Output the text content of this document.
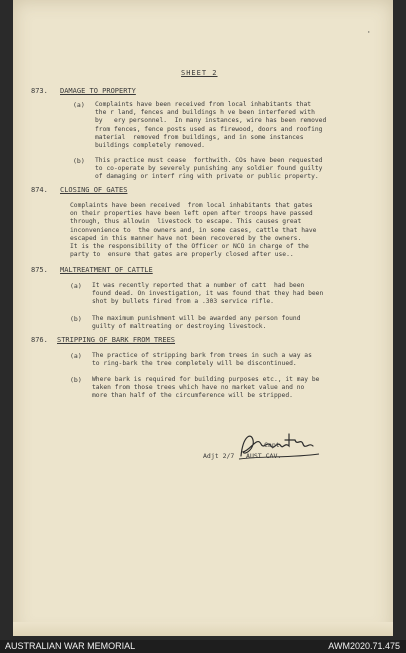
'
SHEET 2
873. DAMAGE TO PROPERTY
(a) Complaints have been received from local inhabitants that
the r land, fences and buildings h ve been interfered with
by   ery personnel.  In many instances, wire has been removed
from fences, fence posts used as firewood, doors and roofing
material  removed from buildings, and in some instances
buildings completely removed.
(b) This practice must cease  forthwith. COs have been requested
to co-operate by severely punishing any soldier found guilty
of damaging or interf ring with private or public property.
874. CLOSING OF GATES
Complaints have been received  from local inhabitants that gates
on their properties have been left open after troops have passed
through, thus allowin  livestock to escape. This causes great
inconvenience to  the owners and, in some cases, cattle that have
escaped in this manner have not been recovered by the owners.
It is the responsibility of the Officer or NCO in charge of the
party to  ensure that gates are properly closed after use..
875. MALTREATMENT OF CATTLE
(a) It was recently reported that a number of catt  had been
found dead. On investigation, it was found that they had been
shot by bullets fired from a .303 service rifle.
(b) The maximum punishment will be awarded any person found
guilty of maltreating or destroying livestock.
876. STRIPPING OF BARK FROM TREES
(a) The practice of stripping bark from trees in such a way as
to ring-bark the tree completely will be discontinued.
(b) Where bark is required for building purposes etc., it may be
taken from those trees which have no market value and no
more than half of the circumference will be stripped.
Capt.
Adjt 2/7   AUST CAV.
AUSTRALIAN WAR MEMORIAL	AWM2020.71.475
